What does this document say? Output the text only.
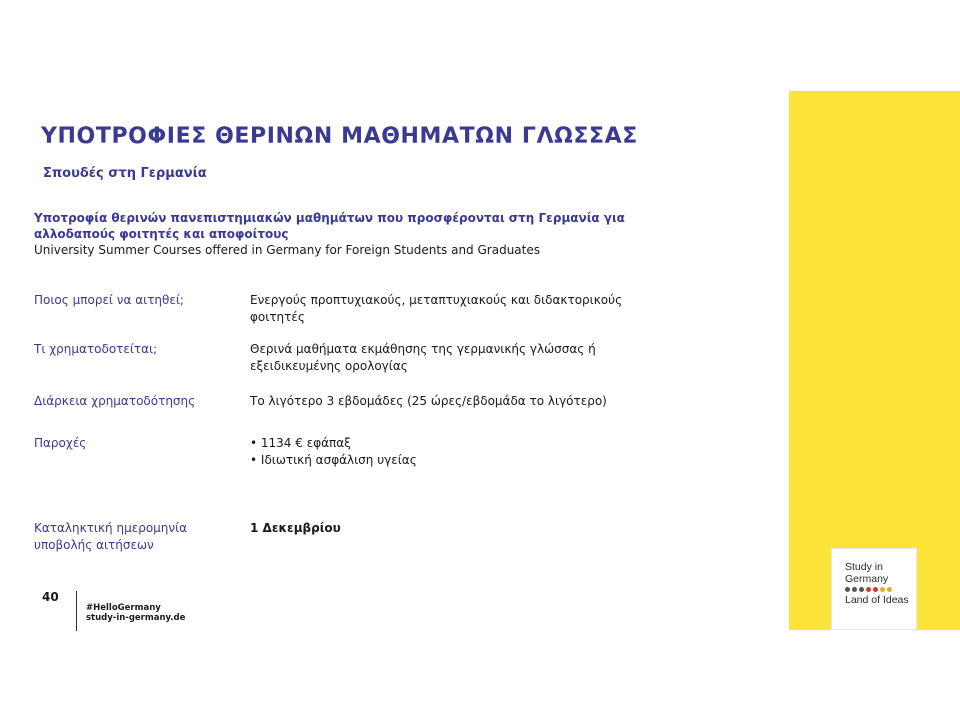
Study in
Germany
Land of Ideas
ΥΠΟΤΡΟΦΙΕΣ ΘΕΡΙΝΩΝ ΜΑΘΗΜΑΤΩΝ ΓΛΩΣΣΑΣ
Σπουδές στη Γερμανία
Υποτροφία θερινών πανεπιστημιακών μαθημάτων που προσφέρονται στη Γερμανία για αλλοδαπούς φοιτητές και αποφοίτους
University Summer Courses offered in Germany for Foreign Students and Graduates
Ποιος μπορεί να αιτηθεί;	Ενεργούς προπτυχιακούς, μεταπτυχιακούς και διδακτορικούς φοιτητές
Τι χρηματοδοτείται;	Θερινά μαθήματα εκμάθησης της γερμανικής γλώσσας ή εξειδικευμένης ορολογίας
Διάρκεια χρηματοδότησης	Το λιγότερο 3 εβδομάδες (25 ώρες/εβδομάδα το λιγότερο)
Παροχές
•	1134 € εφάπαξ
• Ιδιωτική ασφάλιση υγείας
Καταληκτική ημερομηνία υποβολής αιτήσεων
1 Δεκεμβρίου
40
#HelloGermany
study-in-germany.de
